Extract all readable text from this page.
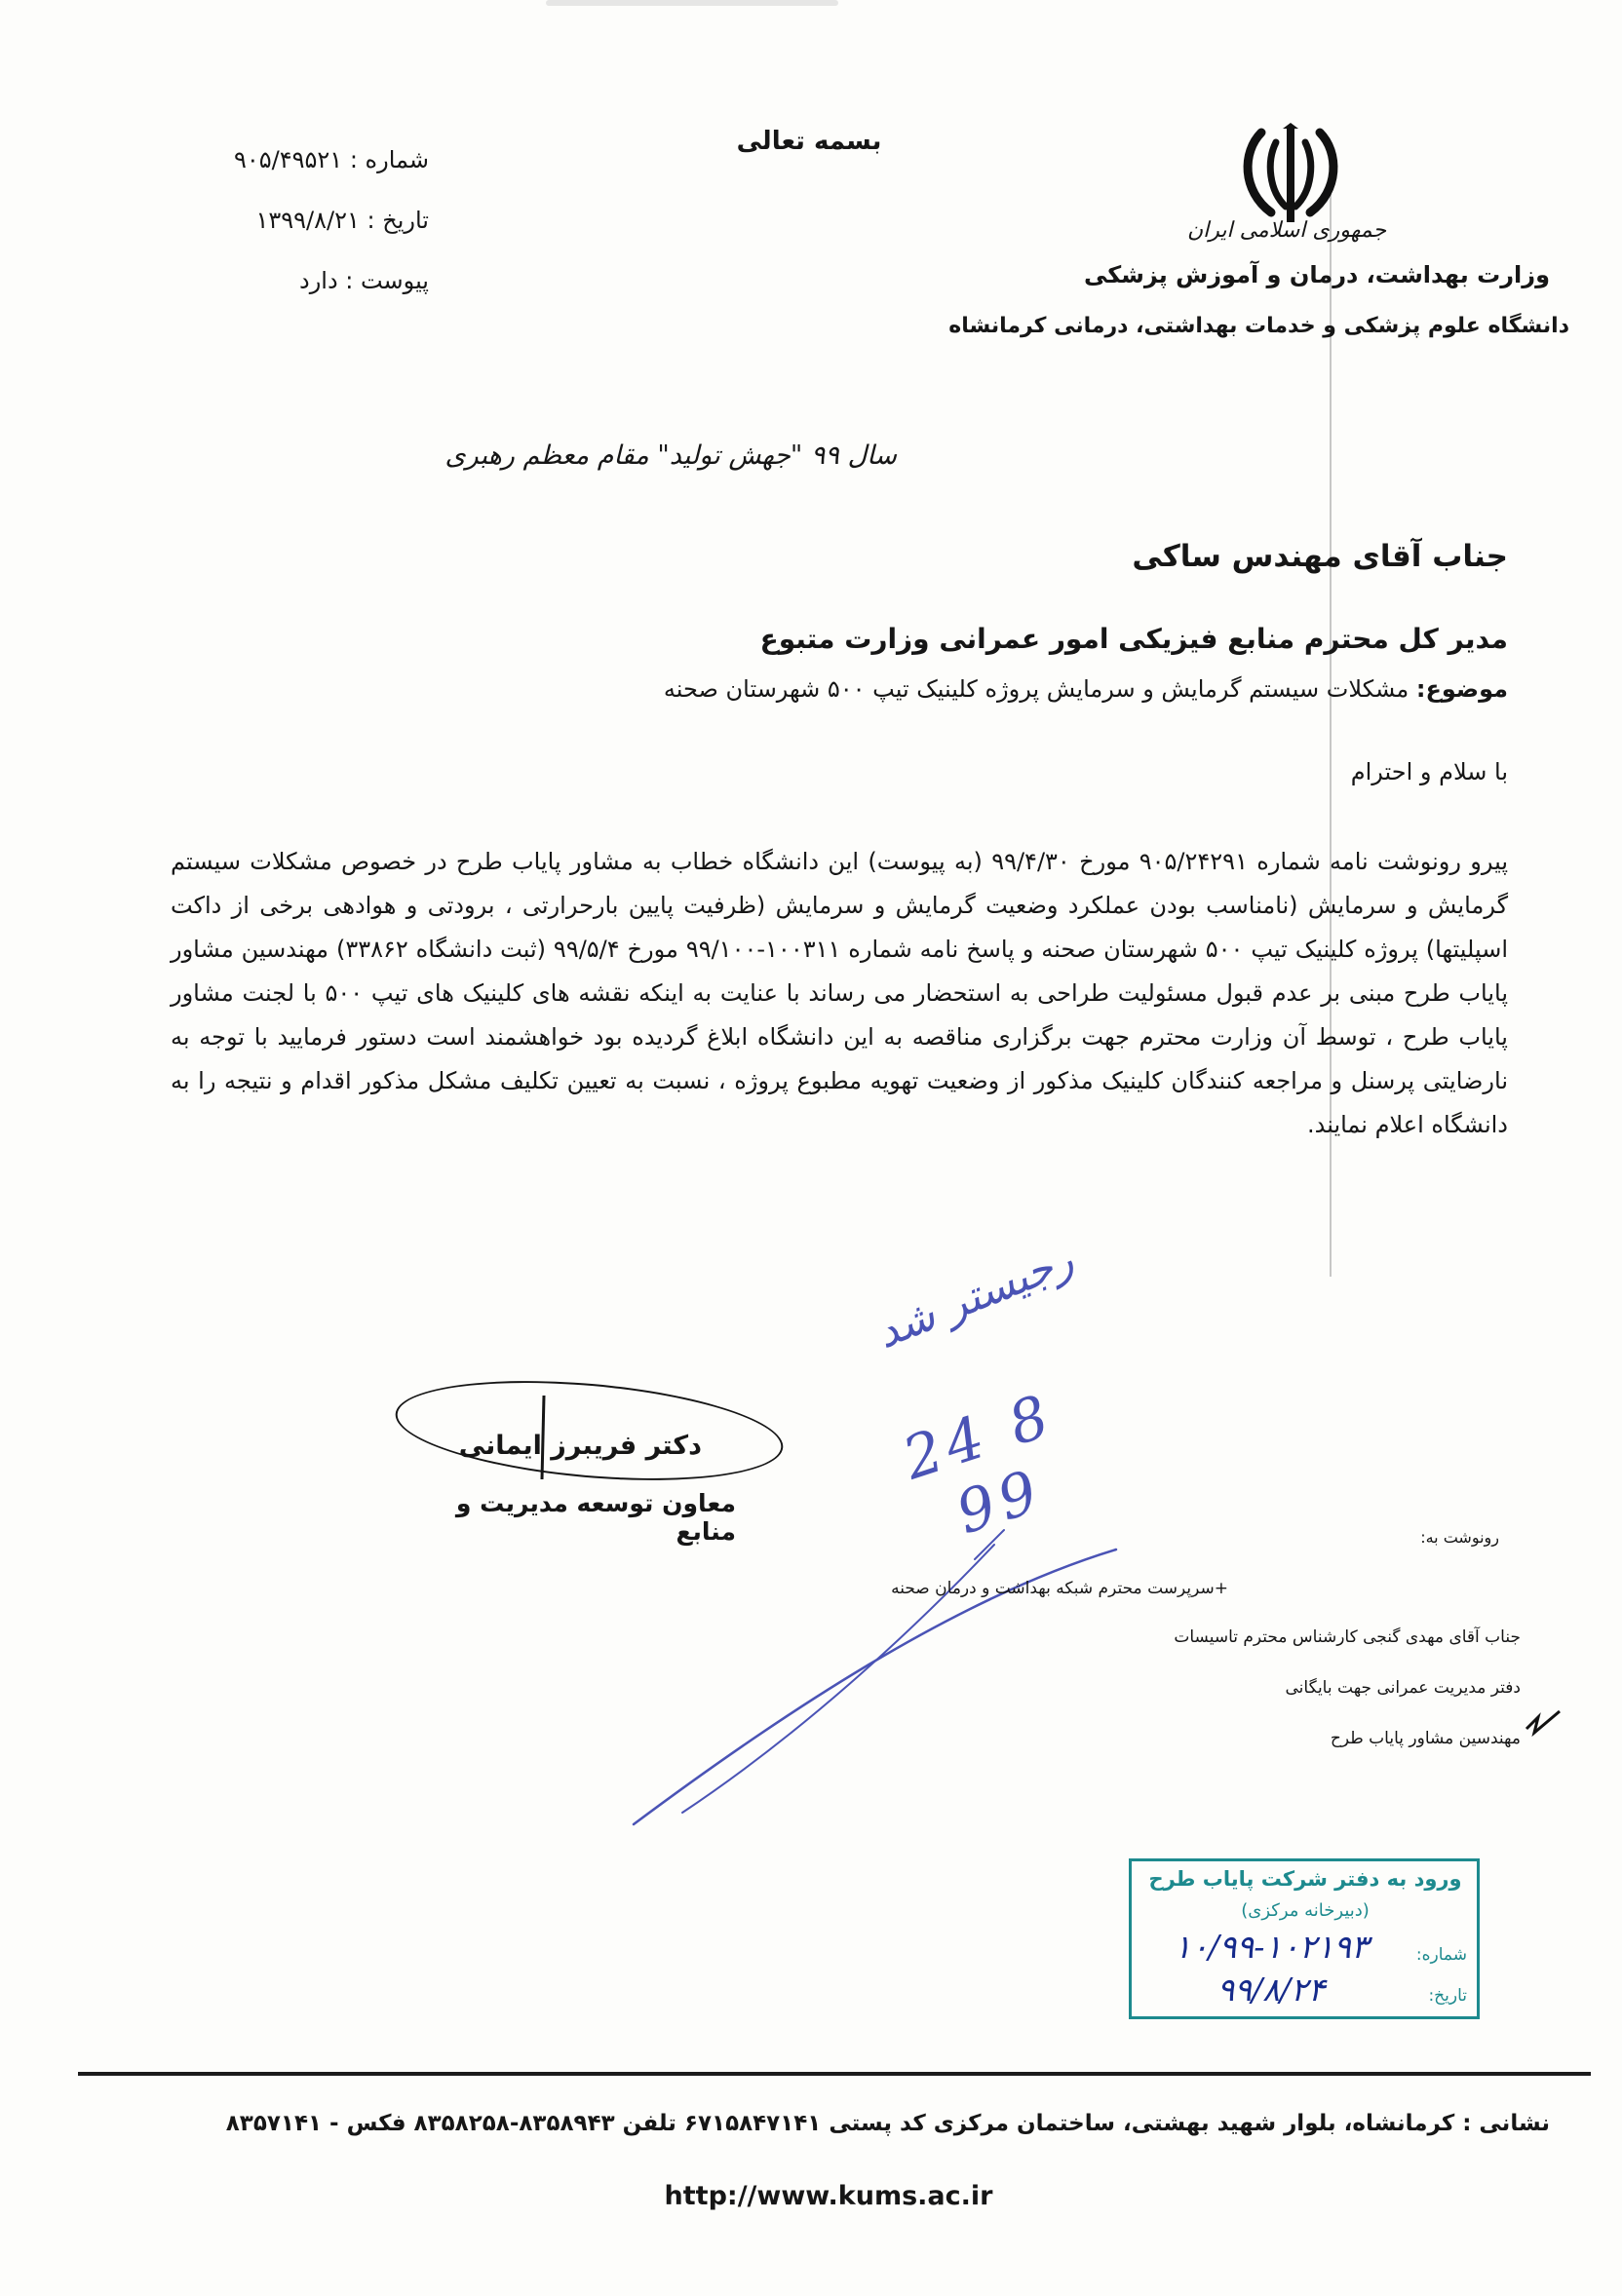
شماره : ۹۰۵/۴۹۵۲۱
تاریخ : ۱۳۹۹/۸/۲۱
پیوست : دارد
بسمه تعالی
جمهوری اسلامی ایران
وزارت بهداشت، درمان و آموزش پزشکی
دانشگاه علوم پزشکی و خدمات بهداشتی، درمانی کرمانشاه
سال ۹۹ "جهش تولید" مقام معظم رهبری
جناب آقای مهندس ساکی
مدیر کل محترم منابع فیزیکی امور عمرانی وزارت متبوع
موضوع: مشکلات سیستم گرمایش و سرمایش پروژه کلینیک تیپ ۵۰۰ شهرستان صحنه
با سلام و احترام
پیرو رونوشت نامه شماره ۹۰۵/۲۴۲۹۱ مورخ ۹۹/۴/۳۰ (به پیوست) این دانشگاه خطاب به مشاور پایاب طرح در خصوص مشکلات سیستم گرمایش و سرمایش (نامناسب بودن عملکرد وضعیت گرمایش و سرمایش (ظرفیت پایین بارحرارتی ، برودتی و هوادهی برخی از داکت اسپلیتها) پروژه کلینیک تیپ ۵۰۰ شهرستان صحنه و پاسخ نامه شماره ۱۰۰۳۱۱-۹۹/۱۰۰ مورخ ۹۹/۵/۴ (ثبت دانشگاه ۳۳۸۶۲) مهندسین مشاور پایاب طرح مبنی بر عدم قبول مسئولیت طراحی به استحضار می رساند با عنایت به اینکه نقشه های کلینیک های تیپ ۵۰۰ با لجنت مشاور پایاب طرح ، توسط آن وزارت محترم جهت برگزاری مناقصه به این دانشگاه ابلاغ گردیده بود خواهشمند است دستور فرمایید با توجه به نارضایتی پرسنل و مراجعه کنندگان کلینیک مذکور از وضعیت تهویه مطبوع پروژه ، نسبت به تعیین تکلیف مشکل مذکور اقدام و نتیجه را به دانشگاه اعلام نمایند.
دکتر فریبرز ایمانی
معاون توسعه مدیریت و منابع
رجیستر شد
24 8 99	رونوشت به:
+سرپرست محترم شبکه بهداشت و درمان صحنه
جناب آقای مهدی گنجی کارشناس محترم تاسیسات
دفتر مدیریت عمرانی جهت بایگانی
مهندسین مشاور پایاب طرح
ورود به دفتر شرکت پایاب طرح
(دبیرخانه مرکزی)
شماره:
۱۰/۹۹-۱۰۲۱۹۳
تاریخ:
۹۹/۸/۲۴
نشانی : کرمانشاه، بلوار شهید بهشتی، ساختمان مرکزی کد پستی ۶۷۱۵۸۴۷۱۴۱ تلفن ۸۳۵۸۹۴۳-۸۳۵۸۲۵۸ فکس - ۸۳۵۷۱۴۱
http://www.kums.ac.ir
